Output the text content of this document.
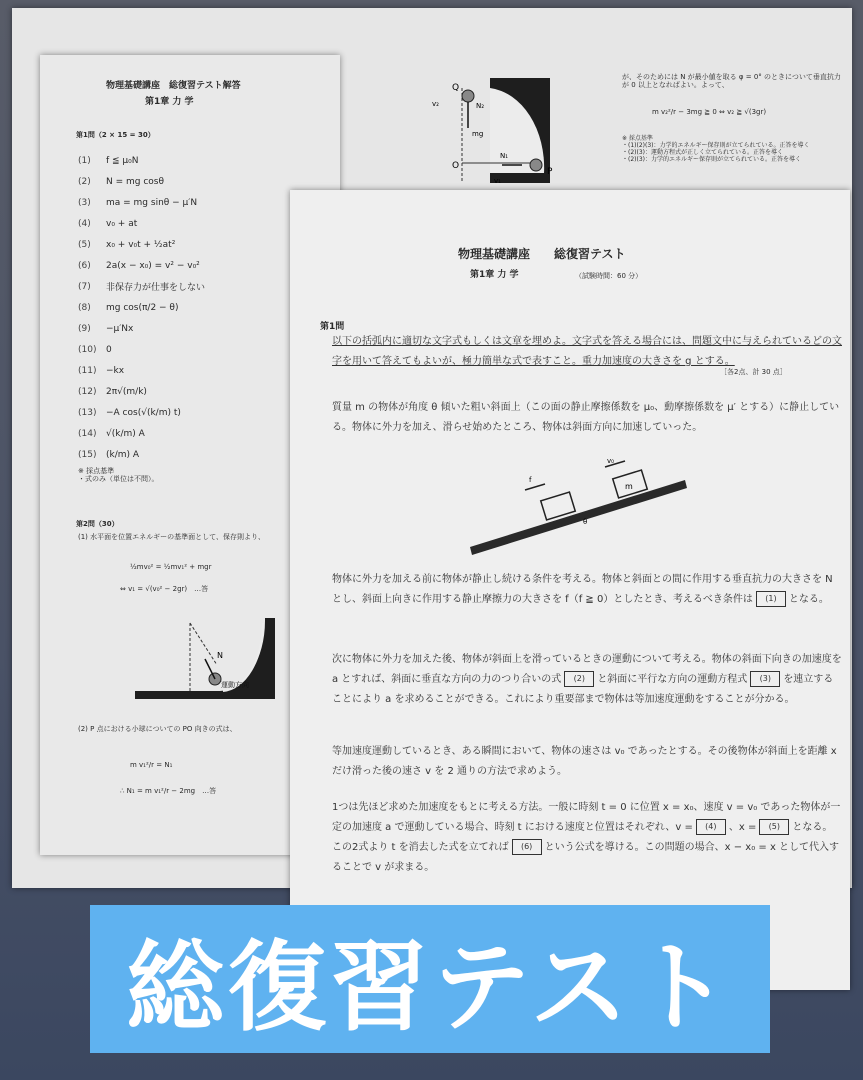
Q
O
P
N₂
mg
N₁
v₂
v₁
が、そのためには N が最小値を取る φ = 0° のときについて垂直抗力が 0 以上となればよい。よって、
m v₂²/r − 3mg ≧ 0 ⇔ v₂ ≧ √(3gr)
※ 採点基準
・(1)(2)(3)：力学的エネルギー保存則が立てられている。正答を導く
・(2)(3)：運動方程式が正しく立てられている。正答を導く
・(2)(3)：力学的エネルギー保存則が立てられている。正答を導く
物理基礎講座　総復習テスト解答
第1章 力 学
第1問（2 × 15 = 30）
(1)	f ≦ μ₀N
(2)	N = mg cosθ
(3)	ma = mg sinθ − μ′N
(4)	v₀ + at
(5)	x₀ + v₀t + ½at²
(6)	2a(x − x₀) = v² − v₀²
(7)	非保存力が仕事をしない
(8)	mg cos(π/2 − θ)
(9)	−μ′Nx
(10)	0
(11)	−kx
(12)	2π√(m/k)
(13)	−A cos(√(k/m) t)
(14)	√(k/m) A
(15)	(k/m) A
※ 採点基準
・式のみ（単位は不問）。
第2問（30）
(1) 水平面を位置エネルギーの基準面として、保存則より、
½mv₀² = ½mv₁² + mgr
⇔ v₁ = √(v₀² − 2gr)　…答
N
運動方向
(2) P 点における小球についての PO 向きの式は、
m v₁²/r = N₁
∴ N₁ = m v₁²/r − 2mg　…答
物理基礎講座　　総復習テスト
第1章 力 学	（試験時間：60 分）
第1問
以下の括弧内に適切な文字式もしくは文章を埋めよ。文字式を答える場合には、問題文中に与えられているどの文字を用いて答えてもよいが、極力簡単な式で表すこと。重力加速度の大きさを g とする。
［各2点、計 30 点］
質量 m の物体が角度 θ 傾いた粗い斜面上（この面の静止摩擦係数を μ₀、動摩擦係数を μ′ とする）に静止している。物体に外力を加え、滑らせ始めたところ、物体は斜面方向に加速していった。
m
v₀
f
θ
物体に外力を加える前に物体が静止し続ける条件を考える。物体と斜面との間に作用する垂直抗力の大きさを N とし、斜面上向きに作用する静止摩擦力の大きさを f（f ≧ 0）としたとき、考えるべき条件は (1) となる。
次に物体に外力を加えた後、物体が斜面上を滑っているときの運動について考える。物体の斜面下向きの加速度を a とすれば、斜面に垂直な方向の力のつり合いの式 (2) と斜面に平行な方向の運動方程式 (3) を連立することにより a を求めることができる。これにより重要部まで物体は等加速度運動をすることが分かる。
等加速度運動しているとき、ある瞬間において、物体の速さは v₀ であったとする。その後物体が斜面上を距離 x だけ滑った後の速さ v を 2 通りの方法で求めよう。
1つは先ほど求めた加速度をもとに考える方法。一般に時刻 t = 0 に位置 x = x₀、速度 v = v₀ であった物体が一定の加速度 a で運動している場合、時刻 t における速度と位置はそれぞれ、v = (4) 、x = (5) となる。この2式より t を消去した式を立てれば (6) という公式を導ける。この問題の場合、x − x₀ = x として代入することで v が求まる。
総復習テスト
